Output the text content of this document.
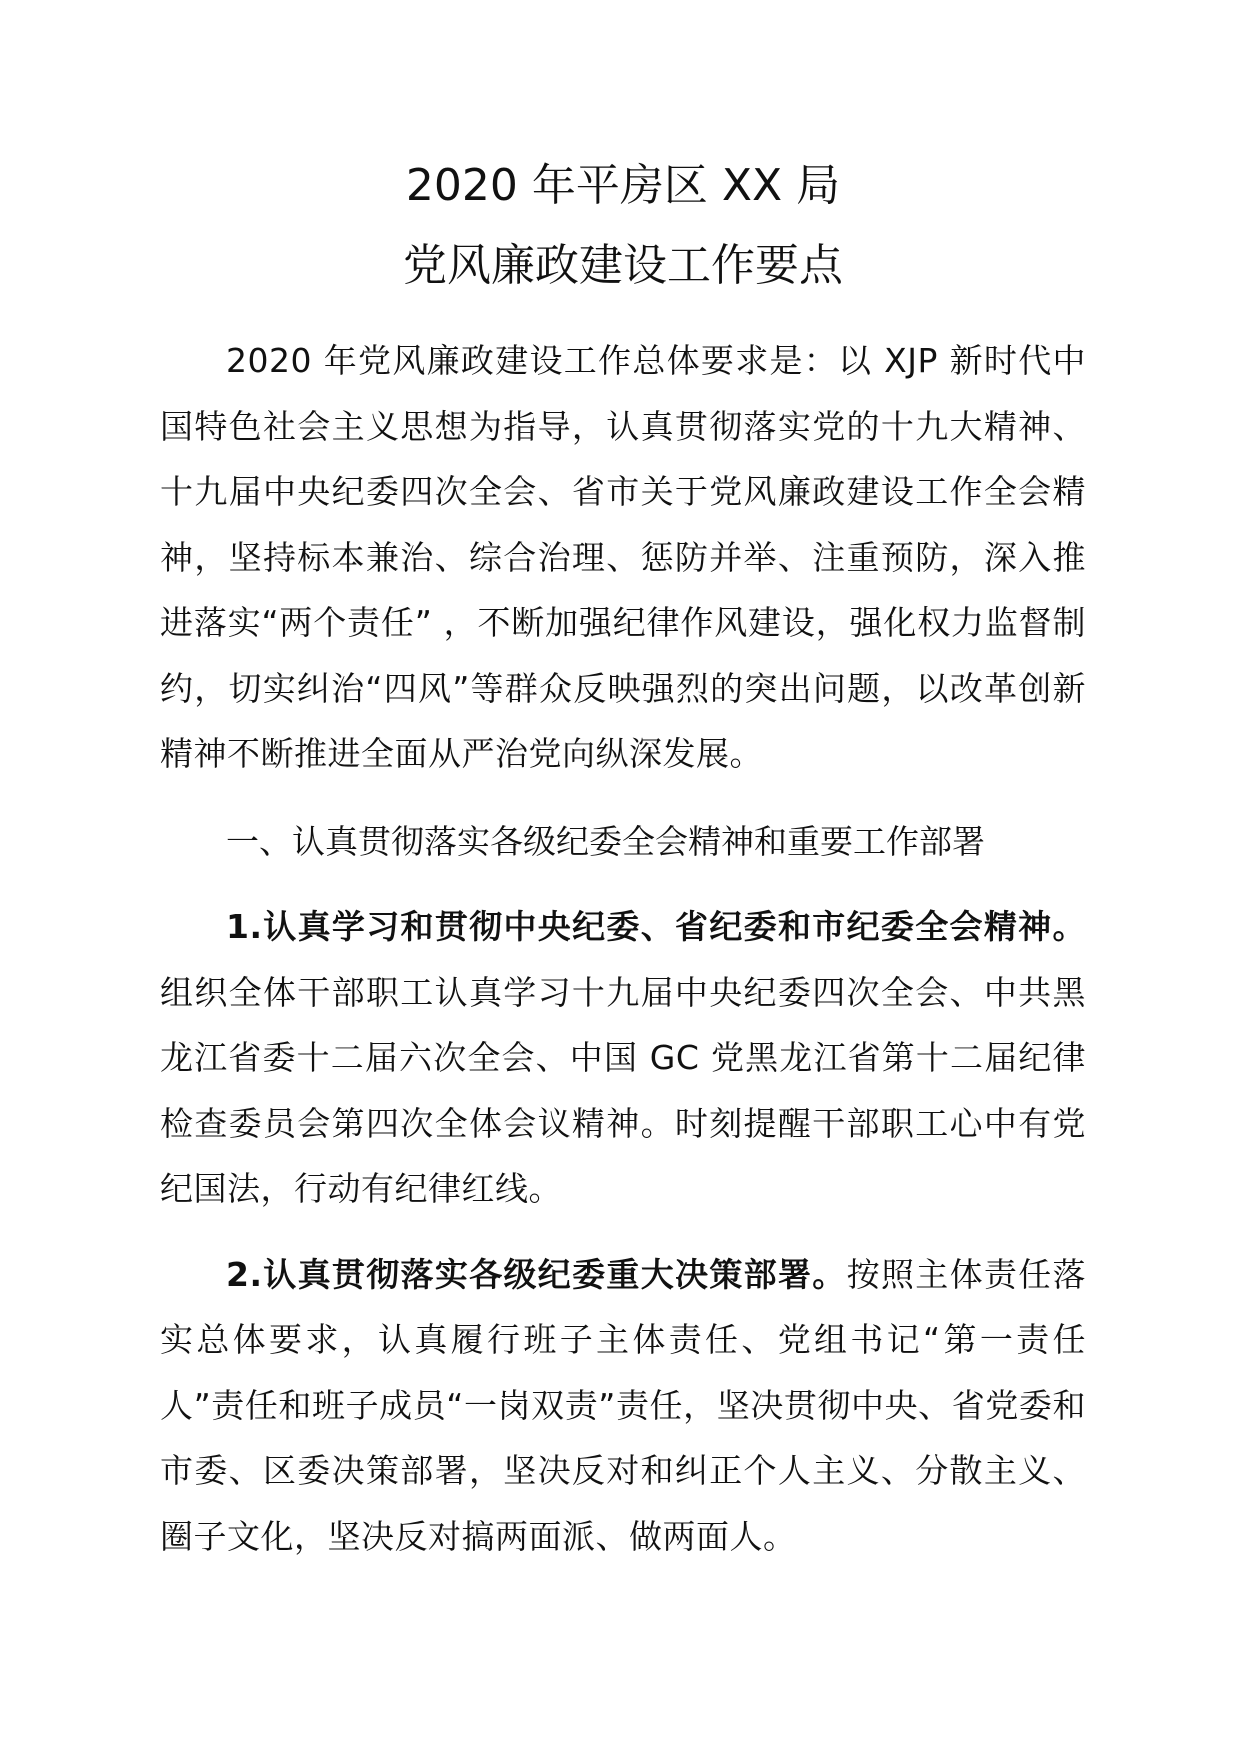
2020 年平房区 XX 局
党风廉政建设工作要点

2020 年党风廉政建设工作总体要求是：以 XJP 新时代中国特色社会主义思想为指导，认真贯彻落实党的十九大精神、十九届中央纪委四次全会、省市关于党风廉政建设工作全会精神，坚持标本兼治、综合治理、惩防并举、注重预防，深入推进落实“两个责任” ，不断加强纪律作风建设，强化权力监督制约，切实纠治“四风”等群众反映强烈的突出问题，以改革创新精神不断推进全面从严治党向纵深发展。

一、认真贯彻落实各级纪委全会精神和重要工作部署

1.认真学习和贯彻中央纪委、省纪委和市纪委全会精神。组织全体干部职工认真学习十九届中央纪委四次全会、中共黑龙江省委十二届六次全会、中国 GC 党黑龙江省第十二届纪律检查委员会第四次全体会议精神。时刻提醒干部职工心中有党纪国法，行动有纪律红线。

2.认真贯彻落实各级纪委重大决策部署。按照主体责任落实总体要求，认真履行班子主体责任、党组书记“第一责任人”责任和班子成员“一岗双责”责任，坚决贯彻中央、省党委和市委、区委决策部署，坚决反对和纠正个人主义、分散主义、圈子文化，坚决反对搞两面派、做两面人。
